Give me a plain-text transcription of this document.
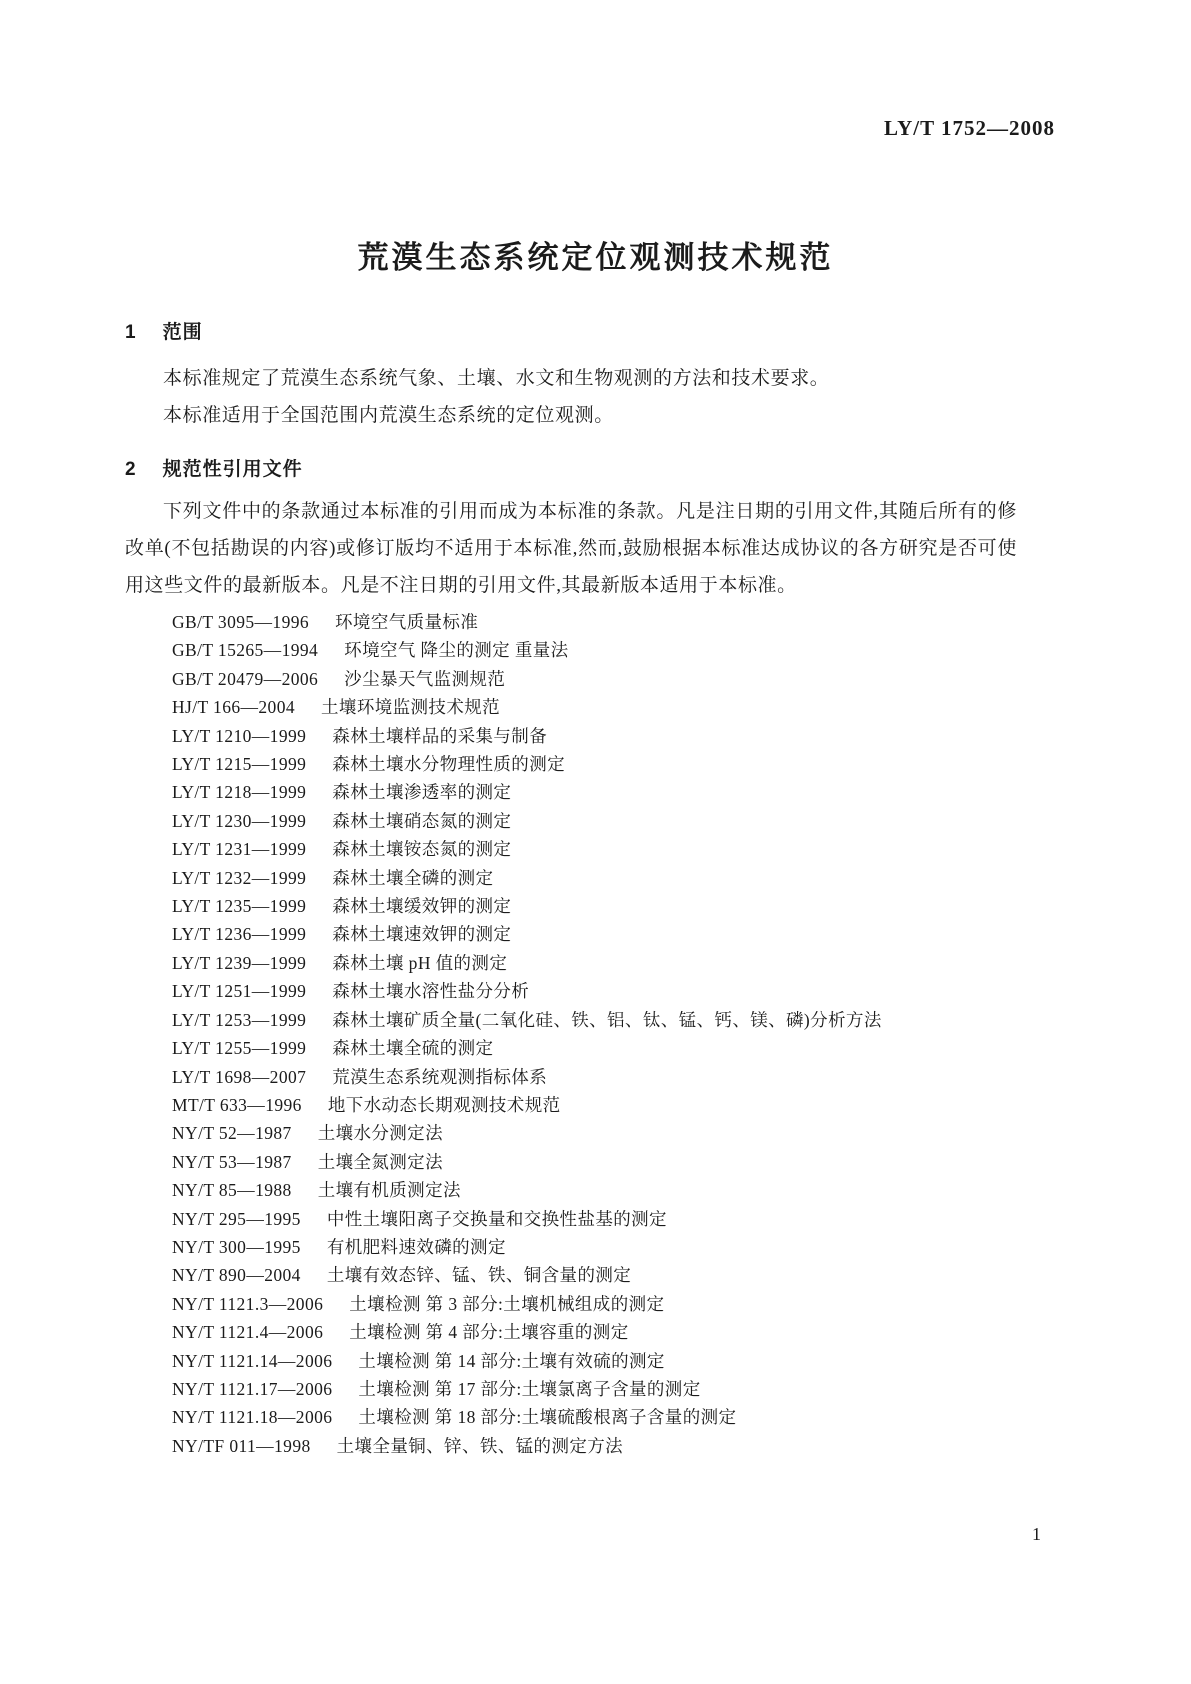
LY/T 1752—2008
荒漠生态系统定位观测技术规范
1 范围

本标准规定了荒漠生态系统气象、土壤、水文和生物观测的方法和技术要求。

本标准适用于全国范围内荒漠生态系统的定位观测。

2 规范性引用文件

下列文件中的条款通过本标准的引用而成为本标准的条款。凡是注日期的引用文件,其随后所有的修改单(不包括勘误的内容)或修订版均不适用于本标准,然而,鼓励根据本标准达成协议的各方研究是否可使用这些文件的最新版本。凡是不注日期的引用文件,其最新版本适用于本标准。

GB/T 3095—1996 环境空气质量标准
GB/T 15265—1994 环境空气 降尘的测定 重量法
GB/T 20479—2006 沙尘暴天气监测规范
HJ/T 166—2004 土壤环境监测技术规范
LY/T 1210—1999 森林土壤样品的采集与制备
LY/T 1215—1999 森林土壤水分物理性质的测定
LY/T 1218—1999 森林土壤渗透率的测定
LY/T 1230—1999 森林土壤硝态氮的测定
LY/T 1231—1999 森林土壤铵态氮的测定
LY/T 1232—1999 森林土壤全磷的测定
LY/T 1235—1999 森林土壤缓效钾的测定
LY/T 1236—1999 森林土壤速效钾的测定
LY/T 1239—1999 森林土壤 pH 值的测定
LY/T 1251—1999 森林土壤水溶性盐分分析
LY/T 1253—1999 森林土壤矿质全量(二氧化硅、铁、铝、钛、锰、钙、镁、磷)分析方法
LY/T 1255—1999 森林土壤全硫的测定
LY/T 1698—2007 荒漠生态系统观测指标体系
MT/T 633—1996 地下水动态长期观测技术规范
NY/T 52—1987 土壤水分测定法
NY/T 53—1987 土壤全氮测定法
NY/T 85—1988 土壤有机质测定法
NY/T 295—1995 中性土壤阳离子交换量和交换性盐基的测定
NY/T 300—1995 有机肥料速效磷的测定
NY/T 890—2004 土壤有效态锌、锰、铁、铜含量的测定
NY/T 1121.3—2006 土壤检测 第 3 部分:土壤机械组成的测定
NY/T 1121.4—2006 土壤检测 第 4 部分:土壤容重的测定
NY/T 1121.14—2006 土壤检测 第 14 部分:土壤有效硫的测定
NY/T 1121.17—2006 土壤检测 第 17 部分:土壤氯离子含量的测定
NY/T 1121.18—2006 土壤检测 第 18 部分:土壤硫酸根离子含量的测定
NY/TF 011—1998 土壤全量铜、锌、铁、锰的测定方法
1
